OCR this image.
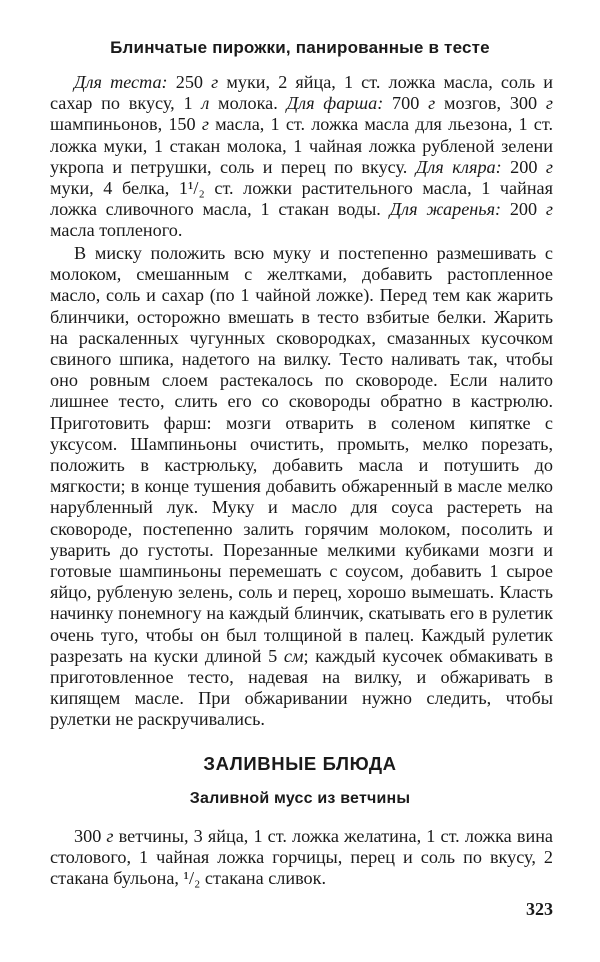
Блинчатые пирожки, панированные в тесте

Для теста: 250 г муки, 2 яйца, 1 ст. ложка масла, соль и сахар по вкусу, 1 л молока. Для фарша: 700 г мозгов, 300 г шампиньонов, 150 г масла, 1 ст. ложка масла для льезона, 1 ст. ложка муки, 1 стакан молока, 1 чайная ложка рубленой зелени укропа и петрушки, соль и перец по вкусу. Для кляра: 200 г муки, 4 белка, 1¹/₂ ст. ложки растительного масла, 1 чайная ложка сливочного масла, 1 стакан воды. Для жаренья: 200 г масла топленого.

В миску положить всю муку и постепенно размешивать с молоком, смешанным с желтками, добавить растопленное масло, соль и сахар (по 1 чайной ложке). Перед тем как жарить блинчики, осторожно вмешать в тесто взбитые белки. Жарить на раскаленных чугунных сковородках, смазанных кусочком свиного шпика, надетого на вилку. Тесто наливать так, чтобы оно ровным слоем растекалось по сковороде. Если налито лишнее тесто, слить его со сковороды обратно в кастрюлю. Приготовить фарш: мозги отварить в соленом кипятке с уксусом. Шампиньоны очистить, промыть, мелко порезать, положить в кастрюльку, добавить масла и потушить до мягкости; в конце тушения добавить обжаренный в масле мелко нарубленный лук. Муку и масло для соуса растереть на сковороде, постепенно залить горячим молоком, посолить и уварить до густоты. Порезанные мелкими кубиками мозги и готовые шампиньоны перемешать с соусом, добавить 1 сырое яйцо, рубленую зелень, соль и перец, хорошо вымешать. Класть начинку понемногу на каждый блинчик, скатывать его в рулетик очень туго, чтобы он был толщиной в палец. Каждый рулетик разрезать на куски длиной 5 см; каждый кусочек обмакивать в приготовленное тесто, надевая на вилку, и обжаривать в кипящем масле. При обжаривании нужно следить, чтобы рулетки не раскручивались.

ЗАЛИВНЫЕ БЛЮДА
Заливной мусс из ветчины

300 г ветчины, 3 яйца, 1 ст. ложка желатина, 1 ст. ложка вина столового, 1 чайная ложка горчицы, перец и соль по вкусу, 2 стакана бульона, ¹/₂ стакана сливок.

323
